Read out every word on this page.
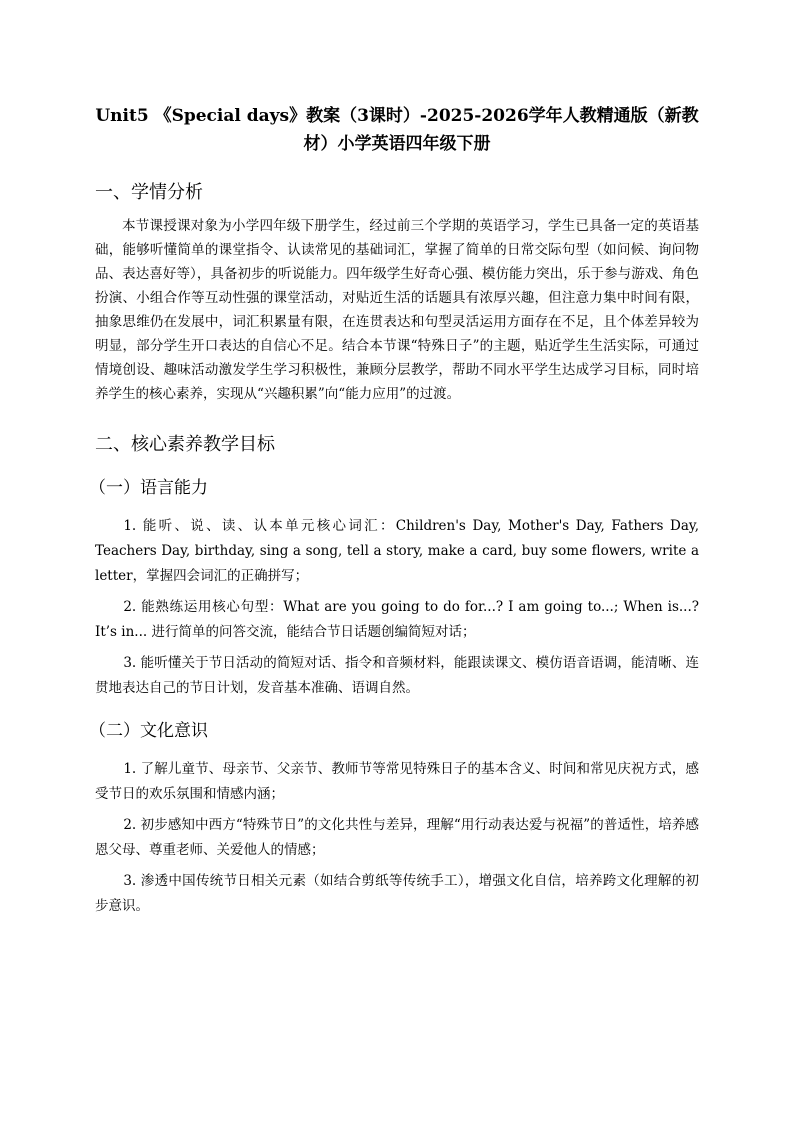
Unit5 《Special days》教案（3课时）-2025-2026学年人教精通版（新教材）小学英语四年级下册
一、学情分析

本节课授课对象为小学四年级下册学生，经过前三个学期的英语学习，学生已具备一定的英语基础，能够听懂简单的课堂指令、认读常见的基础词汇，掌握了简单的日常交际句型（如问候、询问物品、表达喜好等），具备初步的听说能力。四年级学生好奇心强、模仿能力突出，乐于参与游戏、角色扮演、小组合作等互动性强的课堂活动，对贴近生活的话题具有浓厚兴趣，但注意力集中时间有限，抽象思维仍在发展中，词汇积累量有限，在连贯表达和句型灵活运用方面存在不足，且个体差异较为明显，部分学生开口表达的自信心不足。结合本节课“特殊日子”的主题，贴近学生生活实际，可通过情境创设、趣味活动激发学生学习积极性，兼顾分层教学，帮助不同水平学生达成学习目标，同时培养学生的核心素养，实现从“兴趣积累”向“能力应用”的过渡。

二、核心素养教学目标
（一）语言能力

1. 能听、说、读、认本单元核心词汇：Children's Day, Mother's Day, Fathers Day, Teachers Day, birthday, sing a song, tell a story, make a card, buy some flowers, write a letter，掌握四会词汇的正确拼写；

2. 能熟练运用核心句型：What are you going to do for...? I am going to...; When is...? It’s in... 进行简单的问答交流，能结合节日话题创编简短对话；

3. 能听懂关于节日活动的简短对话、指令和音频材料，能跟读课文、模仿语音语调，能清晰、连贯地表达自己的节日计划，发音基本准确、语调自然。

（二）文化意识

1. 了解儿童节、母亲节、父亲节、教师节等常见特殊日子的基本含义、时间和常见庆祝方式，感受节日的欢乐氛围和情感内涵；

2. 初步感知中西方“特殊节日”的文化共性与差异，理解“用行动表达爱与祝福”的普适性，培养感恩父母、尊重老师、关爱他人的情感；

3. 渗透中国传统节日相关元素（如结合剪纸等传统手工），增强文化自信，培养跨文化理解的初步意识。
